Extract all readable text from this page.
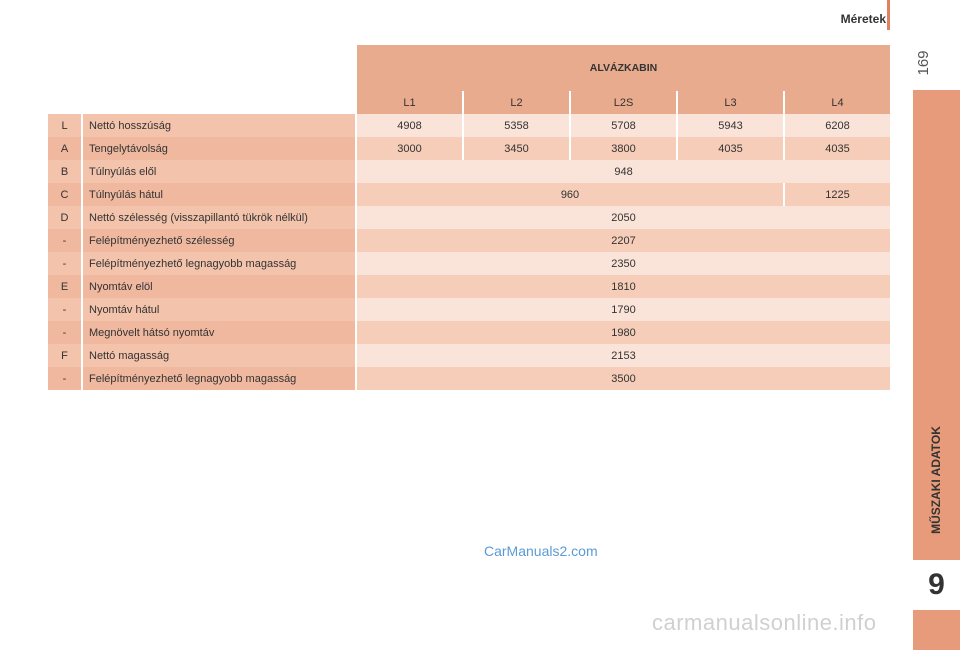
Méretek
169
MŰSZAKI ADATOK
9
		ALVÁZKABIN				
		L1	L2	L2S	L3	L4
L	Nettó hosszúság	4908	5358	5708	5943	6208
A	Tengelytávolság	3000	3450	3800	4035	4035
B	Túlnyúlás elől	948				
C	Túlnyúlás hátul	960				1225
D	Nettó szélesség (visszapillantó tükrök nélkül)	2050				
-	Felépítményezhető szélesség	2207				
-	Felépítményezhető legnagyobb magasság	2350				
E	Nyomtáv elöl	1810				
-	Nyomtáv hátul	1790				
-	Megnövelt hátsó nyomtáv	1980				
F	Nettó magasság	2153				
-	Felépítményezhető legnagyobb magasság	3500				
CarManuals2.com
carmanualsonline.info
